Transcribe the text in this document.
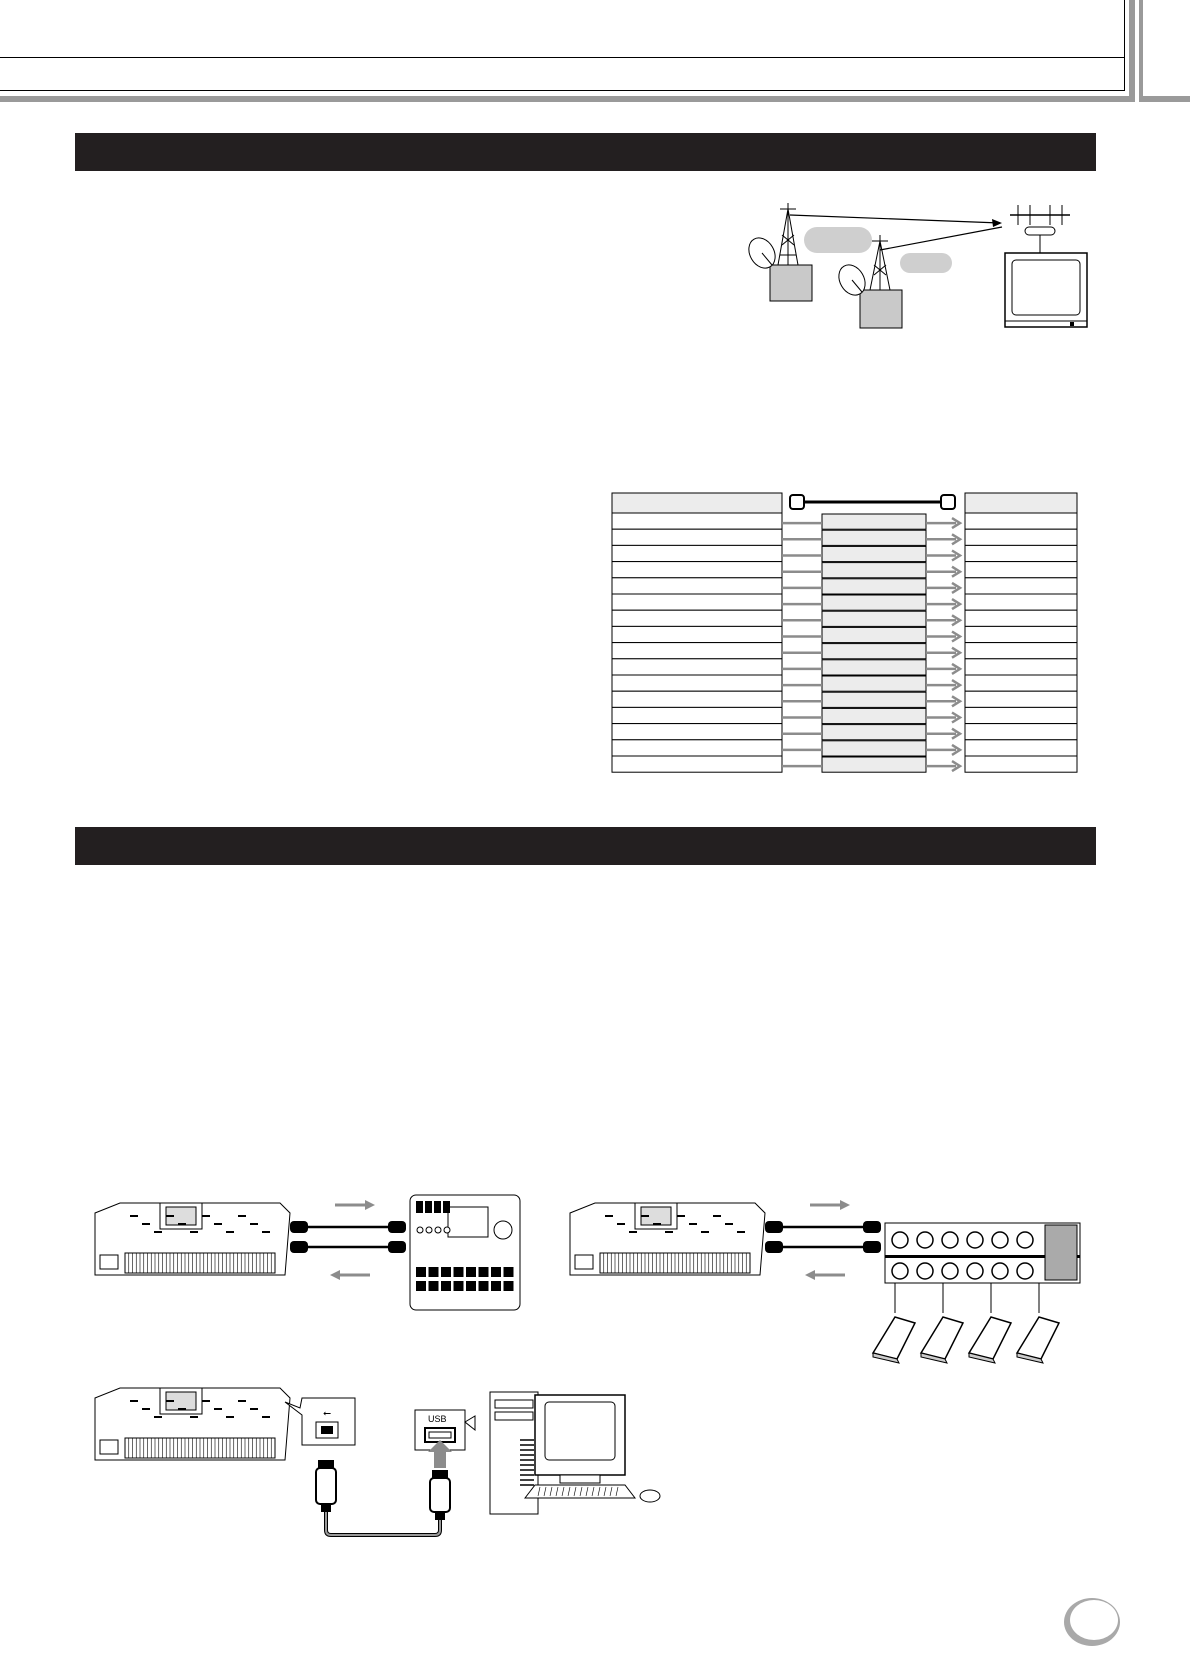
⭠	USB
